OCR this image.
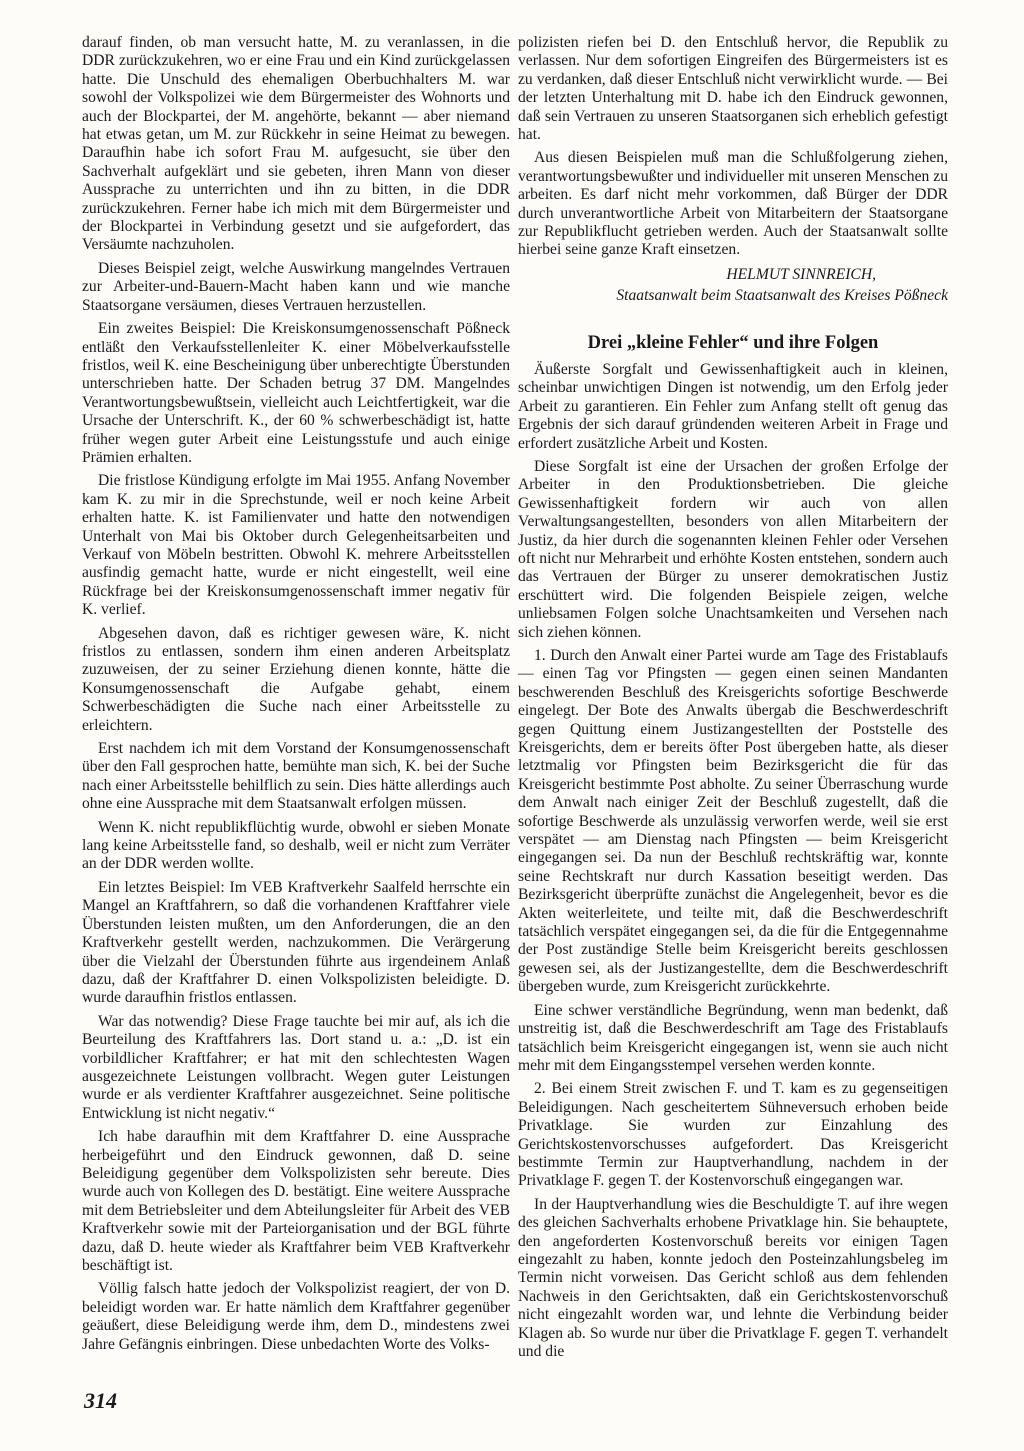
darauf finden, ob man versucht hatte, M. zu veranlassen, in die DDR zurückzukehren, wo er eine Frau und ein Kind zurückgelassen hatte. Die Unschuld des ehemaligen Oberbuchhalters M. war sowohl der Volkspolizei wie dem Bürgermeister des Wohnorts und auch der Blockpartei, der M. angehörte, bekannt — aber niemand hat etwas getan, um M. zur Rückkehr in seine Heimat zu bewegen. Daraufhin habe ich sofort Frau M. aufgesucht, sie über den Sachverhalt aufgeklärt und sie gebeten, ihren Mann von dieser Aussprache zu unterrichten und ihn zu bitten, in die DDR zurückzukehren. Ferner habe ich mich mit dem Bürgermeister und der Blockpartei in Verbindung gesetzt und sie aufgefordert, das Versäumte nachzuholen.

Dieses Beispiel zeigt, welche Auswirkung mangelndes Vertrauen zur Arbeiter-und-Bauern-Macht haben kann und wie manche Staatsorgane versäumen, dieses Vertrauen herzustellen.

Ein zweites Beispiel: Die Kreiskonsumgenossenschaft Pößneck entläßt den Verkaufsstellenleiter K. einer Möbelverkaufsstelle fristlos, weil K. eine Bescheinigung über unberechtigte Überstunden unterschrieben hatte. Der Schaden betrug 37 DM. Mangelndes Verantwortungsbewußtsein, vielleicht auch Leichtfertigkeit, war die Ursache der Unterschrift. K., der 60 % schwerbeschädigt ist, hatte früher wegen guter Arbeit eine Leistungsstufe und auch einige Prämien erhalten.

Die fristlose Kündigung erfolgte im Mai 1955. Anfang November kam K. zu mir in die Sprechstunde, weil er noch keine Arbeit erhalten hatte. K. ist Familienvater und hatte den notwendigen Unterhalt von Mai bis Oktober durch Gelegenheitsarbeiten und Verkauf von Möbeln bestritten. Obwohl K. mehrere Arbeitsstellen ausfindig gemacht hatte, wurde er nicht eingestellt, weil eine Rückfrage bei der Kreiskonsumgenossenschaft immer negativ für K. verlief.

Abgesehen davon, daß es richtiger gewesen wäre, K. nicht fristlos zu entlassen, sondern ihm einen anderen Arbeitsplatz zuzuweisen, der zu seiner Erziehung dienen konnte, hätte die Konsumgenossenschaft die Aufgabe gehabt, einem Schwerbeschädigten die Suche nach einer Arbeitsstelle zu erleichtern.

Erst nachdem ich mit dem Vorstand der Konsumgenossenschaft über den Fall gesprochen hatte, bemühte man sich, K. bei der Suche nach einer Arbeitsstelle behilflich zu sein. Dies hätte allerdings auch ohne eine Aussprache mit dem Staatsanwalt erfolgen müssen.

Wenn K. nicht republikflüchtig wurde, obwohl er sieben Monate lang keine Arbeitsstelle fand, so deshalb, weil er nicht zum Verräter an der DDR werden wollte.

Ein letztes Beispiel: Im VEB Kraftverkehr Saalfeld herrschte ein Mangel an Kraftfahrern, so daß die vorhandenen Kraftfahrer viele Überstunden leisten mußten, um den Anforderungen, die an den Kraftverkehr gestellt werden, nachzukommen. Die Verärgerung über die Vielzahl der Überstunden führte aus irgendeinem Anlaß dazu, daß der Kraftfahrer D. einen Volkspolizisten beleidigte. D. wurde daraufhin fristlos entlassen.

War das notwendig? Diese Frage tauchte bei mir auf, als ich die Beurteilung des Kraftfahrers las. Dort stand u. a.: „D. ist ein vorbildlicher Kraftfahrer; er hat mit den schlechtesten Wagen ausgezeichnete Leistungen vollbracht. Wegen guter Leistungen wurde er als verdienter Kraftfahrer ausgezeichnet. Seine politische Entwicklung ist nicht negativ.“

Ich habe daraufhin mit dem Kraftfahrer D. eine Aussprache herbeigeführt und den Eindruck gewonnen, daß D. seine Beleidigung gegenüber dem Volkspolizisten sehr bereute. Dies wurde auch von Kollegen des D. bestätigt. Eine weitere Aussprache mit dem Betriebsleiter und dem Abteilungsleiter für Arbeit des VEB Kraftverkehr sowie mit der Parteiorganisation und der BGL führte dazu, daß D. heute wieder als Kraftfahrer beim VEB Kraftverkehr beschäftigt ist.

Völlig falsch hatte jedoch der Volkspolizist reagiert, der von D. beleidigt worden war. Er hatte nämlich dem Kraftfahrer gegenüber geäußert, diese Beleidigung werde ihm, dem D., mindestens zwei Jahre Gefängnis einbringen. Diese unbedachten Worte des Volks-

polizisten riefen bei D. den Entschluß hervor, die Republik zu verlassen. Nur dem sofortigen Eingreifen des Bürgermeisters ist es zu verdanken, daß dieser Entschluß nicht verwirklicht wurde. — Bei der letzten Unterhaltung mit D. habe ich den Eindruck gewonnen, daß sein Vertrauen zu unseren Staatsorganen sich erheblich gefestigt hat.

Aus diesen Beispielen muß man die Schlußfolgerung ziehen, verantwortungsbewußter und individueller mit unseren Menschen zu arbeiten. Es darf nicht mehr vorkommen, daß Bürger der DDR durch unverantwortliche Arbeit von Mitarbeitern der Staatsorgane zur Republikflucht getrieben werden. Auch der Staatsanwalt sollte hierbei seine ganze Kraft einsetzen.

HELMUT SINNREICH,

Staatsanwalt beim Staatsanwalt des Kreises Pößneck

Drei „kleine Fehler“ und ihre Folgen

Äußerste Sorgfalt und Gewissenhaftigkeit auch in kleinen, scheinbar unwichtigen Dingen ist notwendig, um den Erfolg jeder Arbeit zu garantieren. Ein Fehler zum Anfang stellt oft genug das Ergebnis der sich darauf gründenden weiteren Arbeit in Frage und erfordert zusätzliche Arbeit und Kosten.

Diese Sorgfalt ist eine der Ursachen der großen Erfolge der Arbeiter in den Produktionsbetrieben. Die gleiche Gewissenhaftigkeit fordern wir auch von allen Verwaltungsangestellten, besonders von allen Mitarbeitern der Justiz, da hier durch die sogenannten kleinen Fehler oder Versehen oft nicht nur Mehrarbeit und erhöhte Kosten entstehen, sondern auch das Vertrauen der Bürger zu unserer demokratischen Justiz erschüttert wird. Die folgenden Beispiele zeigen, welche unliebsamen Folgen solche Unachtsamkeiten und Versehen nach sich ziehen können.

1. Durch den Anwalt einer Partei wurde am Tage des Fristablaufs — einen Tag vor Pfingsten — gegen einen seinen Mandanten beschwerenden Beschluß des Kreisgerichts sofortige Beschwerde eingelegt. Der Bote des Anwalts übergab die Beschwerdeschrift gegen Quittung einem Justizangestellten der Poststelle des Kreisgerichts, dem er bereits öfter Post übergeben hatte, als dieser letztmalig vor Pfingsten beim Bezirksgericht die für das Kreisgericht bestimmte Post abholte. Zu seiner Überraschung wurde dem Anwalt nach einiger Zeit der Beschluß zugestellt, daß die sofortige Beschwerde als unzulässig verworfen werde, weil sie erst verspätet — am Dienstag nach Pfingsten — beim Kreisgericht eingegangen sei. Da nun der Beschluß rechtskräftig war, konnte seine Rechtskraft nur durch Kassation beseitigt werden. Das Bezirksgericht überprüfte zunächst die Angelegenheit, bevor es die Akten weiterleitete, und teilte mit, daß die Beschwerdeschrift tatsächlich verspätet eingegangen sei, da die für die Entgegennahme der Post zuständige Stelle beim Kreisgericht bereits geschlossen gewesen sei, als der Justizangestellte, dem die Beschwerdeschrift übergeben wurde, zum Kreisgericht zurückkehrte.

Eine schwer verständliche Begründung, wenn man bedenkt, daß unstreitig ist, daß die Beschwerdeschrift am Tage des Fristablaufs tatsächlich beim Kreisgericht eingegangen ist, wenn sie auch nicht mehr mit dem Eingangsstempel versehen werden konnte.

2. Bei einem Streit zwischen F. und T. kam es zu gegenseitigen Beleidigungen. Nach gescheitertem Sühneversuch erhoben beide Privatklage. Sie wurden zur Einzahlung des Gerichtskostenvorschusses aufgefordert. Das Kreisgericht bestimmte Termin zur Hauptverhandlung, nachdem in der Privatklage F. gegen T. der Kostenvorschuß eingegangen war.

In der Hauptverhandlung wies die Beschuldigte T. auf ihre wegen des gleichen Sachverhalts erhobene Privatklage hin. Sie behauptete, den angeforderten Kostenvorschuß bereits vor einigen Tagen eingezahlt zu haben, konnte jedoch den Posteinzahlungsbeleg im Termin nicht vorweisen. Das Gericht schloß aus dem fehlenden Nachweis in den Gerichtsakten, daß ein Gerichtskostenvorschuß nicht eingezahlt worden war, und lehnte die Verbindung beider Klagen ab. So wurde nur über die Privatklage F. gegen T. verhandelt und die

314
